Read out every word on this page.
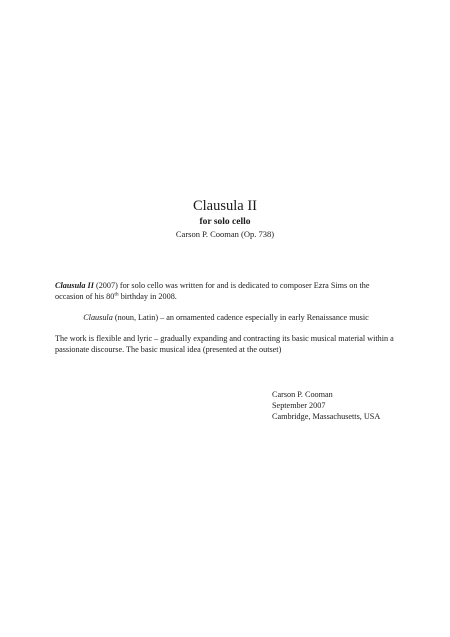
Clausula II
for solo cello
Carson P. Cooman (Op. 738)

Clausula II (2007) for solo cello was written for and is dedicated to composer Ezra Sims on the occasion of his 80th birthday in 2008.

Clausula (noun, Latin) – an ornamented cadence especially in early Renaissance music

The work is flexible and lyric – gradually expanding and contracting its basic musical material within a passionate discourse. The basic musical idea (presented at the outset)

Carson P. Cooman
September 2007
Cambridge, Massachusetts, USA
